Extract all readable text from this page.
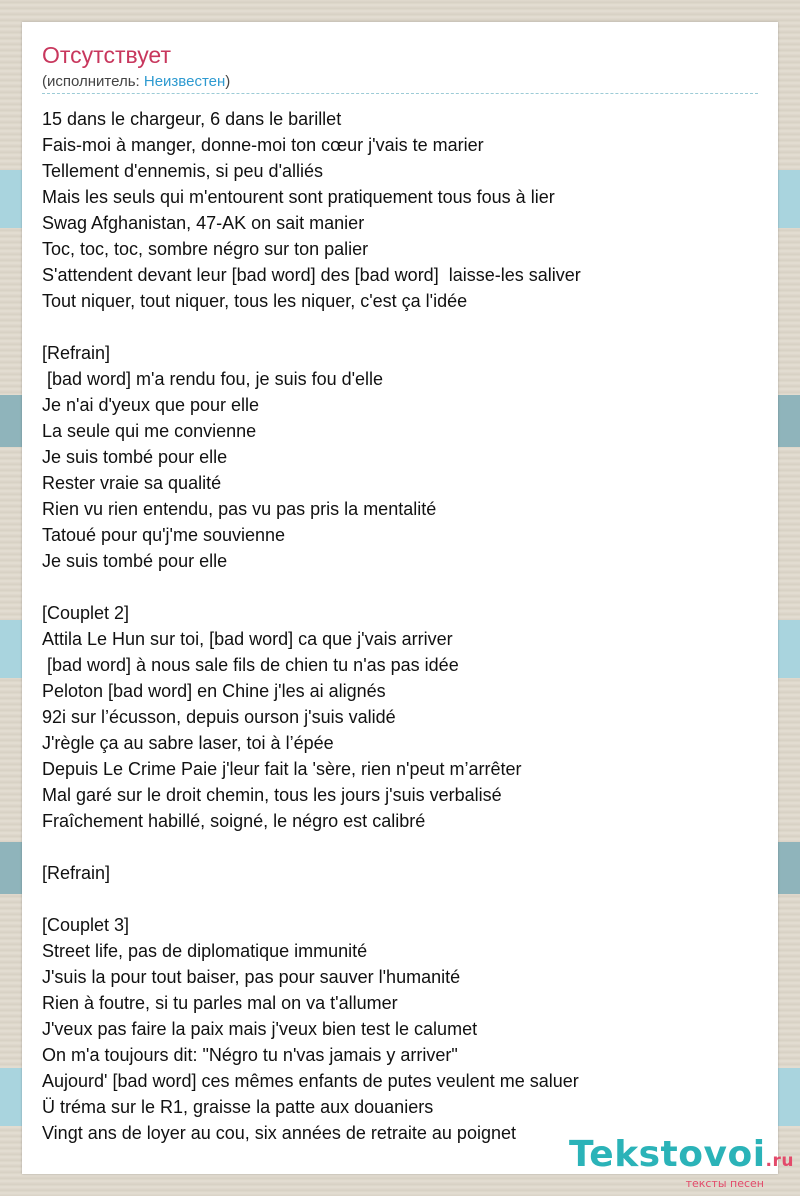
Отсутствует
(исполнитель: Неизвестен)
15 dans le chargeur, 6 dans le barillet
Fais-moi à manger, donne-moi ton cœur j'vais te marier
Tellement d'ennemis, si peu d'alliés
Mais les seuls qui m'entourent sont pratiquement tous fous à lier
Swag Afghanistan, 47-AK on sait manier
Toc, toc, toc, sombre négro sur ton palier
S'attendent devant leur [bad word] des [bad word]  laisse-les saliver
Tout niquer, tout niquer, tous les niquer, c'est ça l'idée
[Refrain]
[bad word] m'a rendu fou, je suis fou d'elle
Je n'ai d'yeux que pour elle
La seule qui me convienne
Je suis tombé pour elle
Rester vraie sa qualité
Rien vu rien entendu, pas vu pas pris la mentalité
Tatoué pour qu'j'me souvienne
Je suis tombé pour elle
[Couplet 2]
Attila Le Hun sur toi, [bad word] ca que j'vais arriver
[bad word] à nous sale fils de chien tu n'as pas idée
Peloton [bad word] en Chine j'les ai alignés
92i sur l’écusson, depuis ourson j'suis validé
J'règle ça au sabre laser, toi à l’épée
Depuis Le Crime Paie j'leur fait la 'sère, rien n'peut m’arrêter
Mal garé sur le droit chemin, tous les jours j'suis verbalisé
Fraîchement habillé, soigné, le négro est calibré
[Refrain]
[Couplet 3]
Street life, pas de diplomatique immunité
J'suis la pour tout baiser, pas pour sauver l'humanité
Rien à foutre, si tu parles mal on va t'allumer
J'veux pas faire la paix mais j'veux bien test le calumet
On m'a toujours dit: "Négro tu n'vas jamais y arriver"
Aujourd' [bad word] ces mêmes enfants de putes veulent me saluer
Ü tréma sur le R1, graisse la patte aux douaniers
Vingt ans de loyer au cou, six années de retraite au poignet
Tekstovoi.ru
тексты песен
